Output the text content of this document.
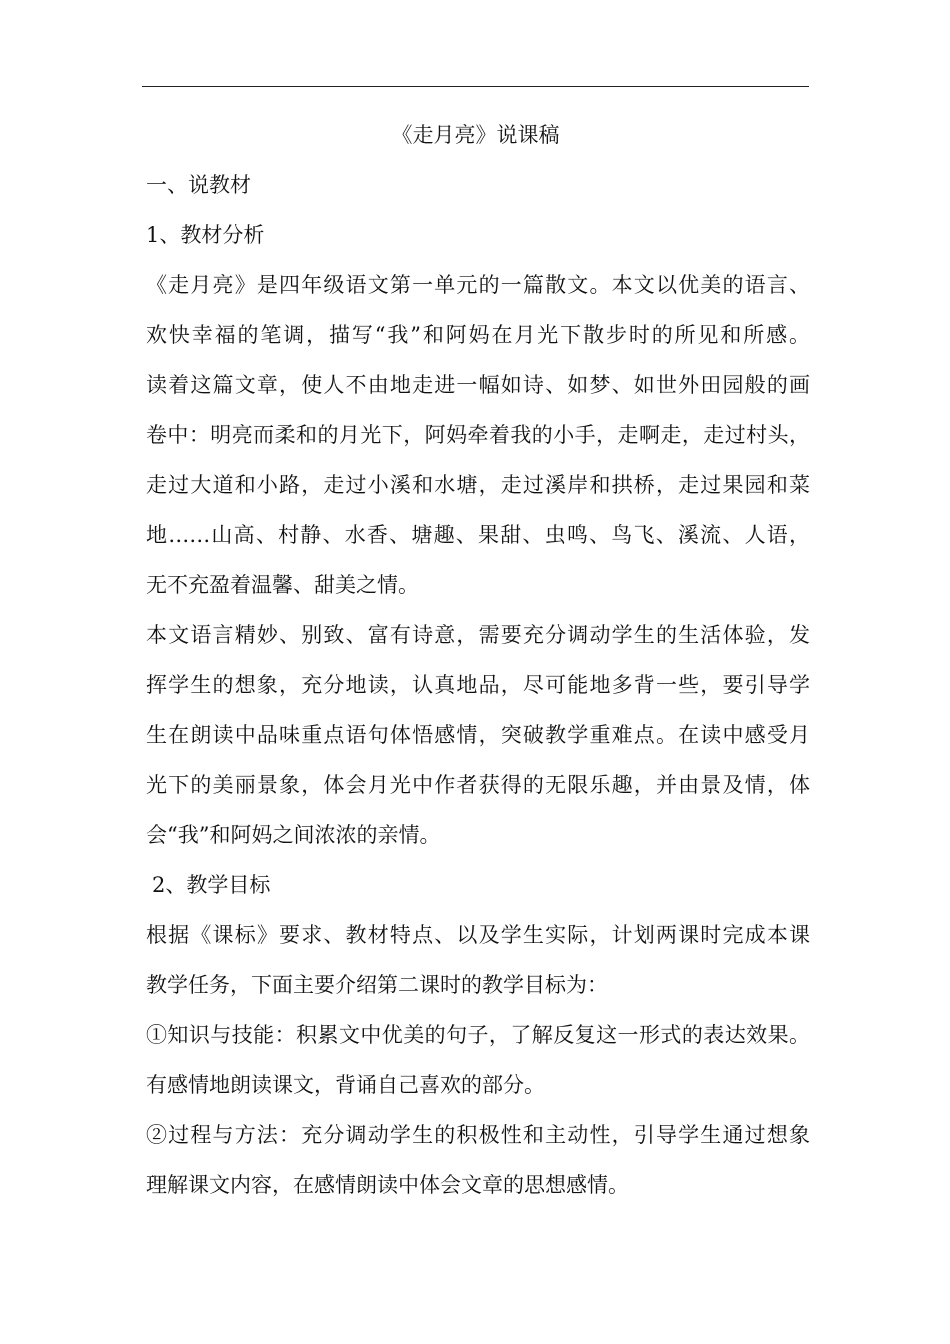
《走月亮》说课稿
一、说教材
1、教材分析
《走月亮》是四年级语文第一单元的一篇散文。本文以优美的语言、
欢快幸福的笔调，描写“我”和阿妈在月光下散步时的所见和所感。
读着这篇文章，使人不由地走进一幅如诗、如梦、如世外田园般的画
卷中：明亮而柔和的月光下，阿妈牵着我的小手，走啊走，走过村头，
走过大道和小路，走过小溪和水塘，走过溪岸和拱桥，走过果园和菜
地……山高、村静、水香、塘趣、果甜、虫鸣、鸟飞、溪流、人语，
无不充盈着温馨、甜美之情。
本文语言精妙、别致、富有诗意，需要充分调动学生的生活体验，发
挥学生的想象，充分地读，认真地品，尽可能地多背一些，要引导学
生在朗读中品味重点语句体悟感情，突破教学重难点。在读中感受月
光下的美丽景象，体会月光中作者获得的无限乐趣，并由景及情，体
会“我”和阿妈之间浓浓的亲情。
2、教学目标
根据《课标》要求、教材特点、以及学生实际，计划两课时完成本课
教学任务，下面主要介绍第二课时的教学目标为：
①知识与技能：积累文中优美的句子，了解反复这一形式的表达效果。
有感情地朗读课文，背诵自己喜欢的部分。
②过程与方法：充分调动学生的积极性和主动性，引导学生通过想象
理解课文内容，在感情朗读中体会文章的思想感情。
